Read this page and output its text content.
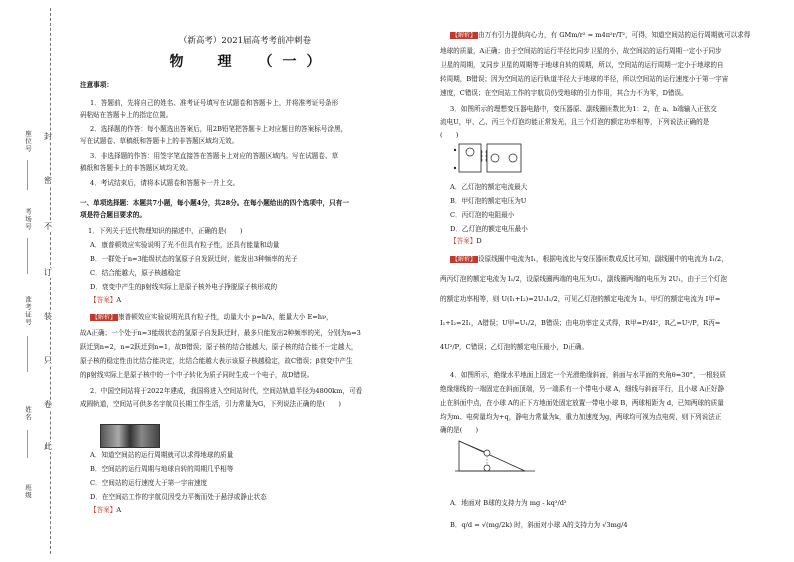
封
密
不
订
装
只
卷
此
座位号
考场号
准考证号
姓名
班级
（新高考）2021届高考考前冲刺卷
物　理　（一）
注意事项：
1．答题前，先将自己的姓名、准考证号填写在试题卷和答题卡上，并将准考证号条形
码粘贴在答题卡上的指定位置。
2．选择题的作答：每小题选出答案后，用2B铅笔把答题卡上对应题目的答案标号涂黑，
写在试题卷、草稿纸和答题卡上的非答题区域均无效。
3．非选择题的作答：用签字笔直接答在答题卡上对应的答题区域内。写在试题卷、草
稿纸和答题卡上的非答题区域均无效。
4．考试结束后，请将本试题卷和答题卡一并上交。
一、单项选择题：本题共7小题，每小题4分，共28分。在每小题给出的四个选项中，只有一
项是符合题目要求的。
1．下列关于近代物理知识的描述中，正确的是(　　)
A．康普顿效应实验说明了光不但具有粒子性，还具有能量和动量
B．一群处于n=3能级状态的氢原子自发跃迁时，能发出3种频率的光子
C．结合能越大，原子核越稳定
D．衰变中产生的β射线实际上是原子核外电子挣脱原子核形成的
【答案】A
【解析】 康普顿效应实验说明光具有粒子性，动量大小 p=h/λ，能量大小 E=hν，
故A正确；一个处于n=3能级状态的氢原子自发跃迁时，最多只能发出2种频率的光，分别为n=3
跃迁到n=2，n=2跃迁到n=1，故B错误；原子核的结合能越大，原子核的结合能不一定越大，
原子核的稳定性由比结合能决定，比结合能越大表示该原子核越稳定，故C错误；β衰变中产生
的β射线实际上是原子核中的一个中子转化为质子同时生成一个电子，故D错误。
2．中国空间站将于2022年建成，我国将进入空间站时代，空间站轨道半径为4800km，可看
成圆轨道，空间站可供多名宇航员长期工作生活，引力常量为G，下列说法正确的是(　　)
A．知道空间站的运行周期就可以求得地球的质量
B．空间站的运行周期与地球自转的周期几乎相等
C．空间站的运行速度大于第一宇宙速度
D．在空间站工作的宇航员因受力平衡而处于悬浮或静止状态
【答案】A
【解析】 由万有引力提供向心力，有 GMm/r² = m4π²r/T²，可得，知道空间站的运行周期就可以求得
地球的质量，A正确；由于空间站的运行半径比同步卫星的小，故空间站的运行周期一定小于同步
卫星的周期，又同步卫星的周期等于地球自转的周期，所以，空间站的运行周期一定小于地球的自
转周期，B错误；因为空间站的运行轨道半径大于地球的半径，所以空间站的运行速度小于第一宇宙
速度，C错误；在空间站工作的宇航员仍受地球的引力作用，其合力不为零，D错误。
3．如图所示的理想变压器电路中，变压器原、副线圈匝数比为1：2，在 a、b端输入正弦交
流电U，甲、乙、丙三个灯泡均能正常发光，且三个灯泡的额定功率相等，下列说法正确的是
(　　)
A．乙灯泡的额定电流最大
B．甲灯泡的额定电压为U
C．丙灯泡的电阻最小
D．乙灯泡的额定电压最小
【答案】D
【解析】 设原线圈中电流为I₁，根据电流比与变压器匝数成反比可知，副线圈中的电流为 I₁/2，
两丙灯泡的额定电流为 I₁/2，设原线圈两端的电压为U₁，副线圈两端的电压为 2U₁，由于三个灯泡
的额定功率相等，则 U(I₁+I₂)=2U₁I₁/2，可见乙灯泡的额定电流为 I₁，甲灯的额定电流为 I甲=
I₁+I₂=2I₁，A错误；U甲=U₁/2，B错误；由电功率定义式得，R甲=P/4I²，R乙=U²/P，R丙=
4U²/P，C错误；乙灯泡的额定电压最小，D正确。
4．如图所示，绝缘水平地面上固定一个光滑绝缘斜面，斜面与水平面的夹角θ=30°，一根轻质
绝缘细线的一端固定在斜面顶端，另一端系有一个带电小球 A，细线与斜面平行，且小球 A正好静
止在斜面中点，在小球 A的正下方地面处固定放置一带电小球 B，两球相距为 d，已知两球的质量
均为m、电荷量均为+q，静电力常量为k，重力加速度为g，两球均可视为点电荷，则下列说法正
确的是(　　)
A．地面对 B球的支持力为 mg - kq²/d²
B．q/d = √(mg/2k) 时，斜面对小球 A的支持力为 √3mg/4
